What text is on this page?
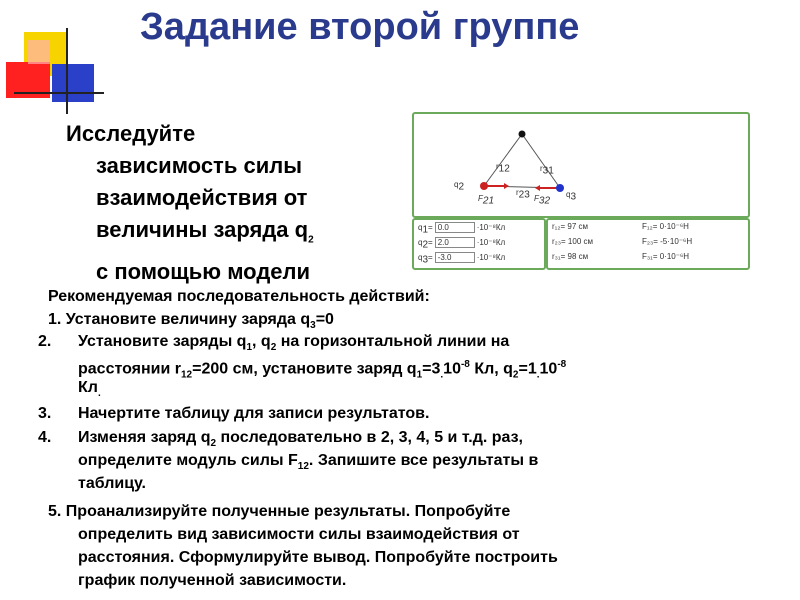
Задание второй группе
Исследуйте
зависимость силы
взаимодействия от
величины заряда $q_2$
с помощью модели
$r_{12}$	$r_{31}$
$r_{23}$
$q_2$
$q_3$
$F_{21}$	$F_{32}$
$q_1= 0.0$	·10⁻⁸Кл
$q_2= 2.0$	·10⁻⁸Кл
$q_3= -3.0$	·10⁻⁸Кл
r₁₂= 97 см	F₁₂= 0·10⁻⁶Н
r₂₃= 100 см	F₂₃= -5·10⁻⁶Н
r₃₁= 98 см	F₃₁= 0·10⁻⁶Н
Рекомендуемая последовательность действий:
1. Установите величину заряда $q_3=0$
2. Установите заряды $q_1$, $q_2$ на горизонтальной линии на
расстоянии $r_{12}=200$ см, установите заряд $q_1=3_.10^{-8}$ Кл, $q_2=1_.10^{-8}$
$Кл_.$
3. Начертите таблицу для записи результатов.
4. Изменяя заряд $q_2$ последовательно в 2, 3, 4, 5 и т.д. раз,
определите модуль силы $F_{12}$. Запишите все результаты в
таблицу.
5. Проанализируйте полученные результаты. Попробуйте
определить вид зависимости силы взаимодействия от
расстояния. Сформулируйте вывод. Попробуйте построить
график полученной зависимости.
